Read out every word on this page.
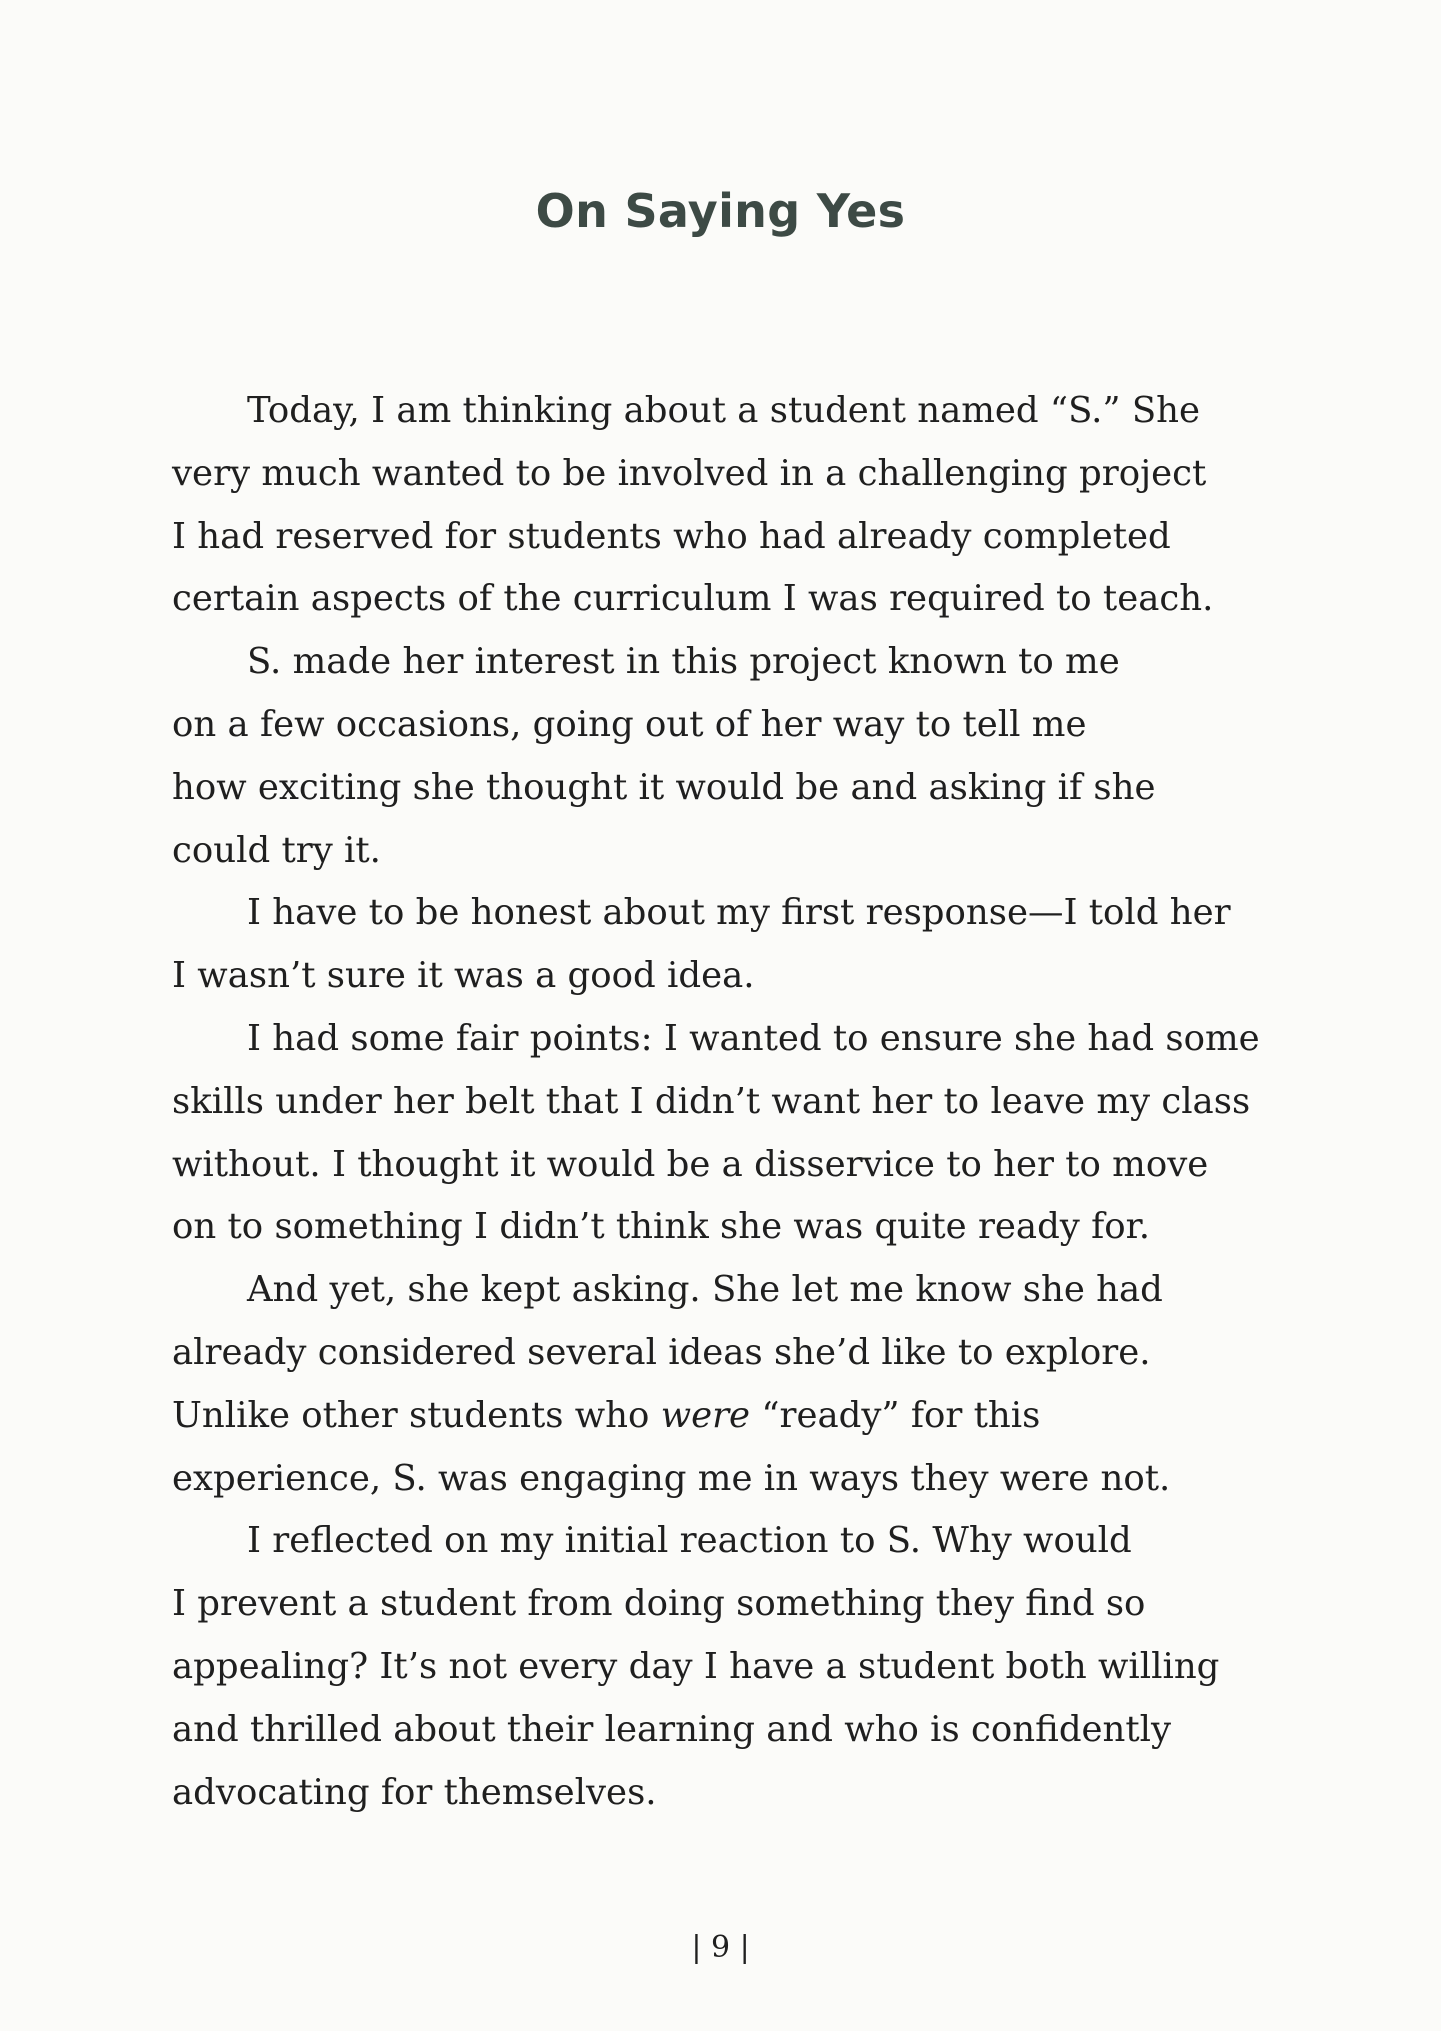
On Saying Yes
Today, I am thinking about a student named “S.” She
very much wanted to be involved in a challenging project
I had reserved for students who had already completed
certain aspects of the curriculum I was required to teach.
S. made her interest in this project known to me
on a few occasions, going out of her way to tell me
how exciting she thought it would be and asking if she
could try it.
I have to be honest about my first response—I told her
I wasn’t sure it was a good idea.
I had some fair points: I wanted to ensure she had some
skills under her belt that I didn’t want her to leave my class
without. I thought it would be a disservice to her to move
on to something I didn’t think she was quite ready for.
And yet, she kept asking. She let me know she had
already considered several ideas she’d like to explore.
Unlike other students who were “ready” for this
experience, S. was engaging me in ways they were not.
I reflected on my initial reaction to S. Why would
I prevent a student from doing something they find so
appealing? It’s not every day I have a student both willing
and thrilled about their learning and who is confidently
advocating for themselves.

| 9 |
